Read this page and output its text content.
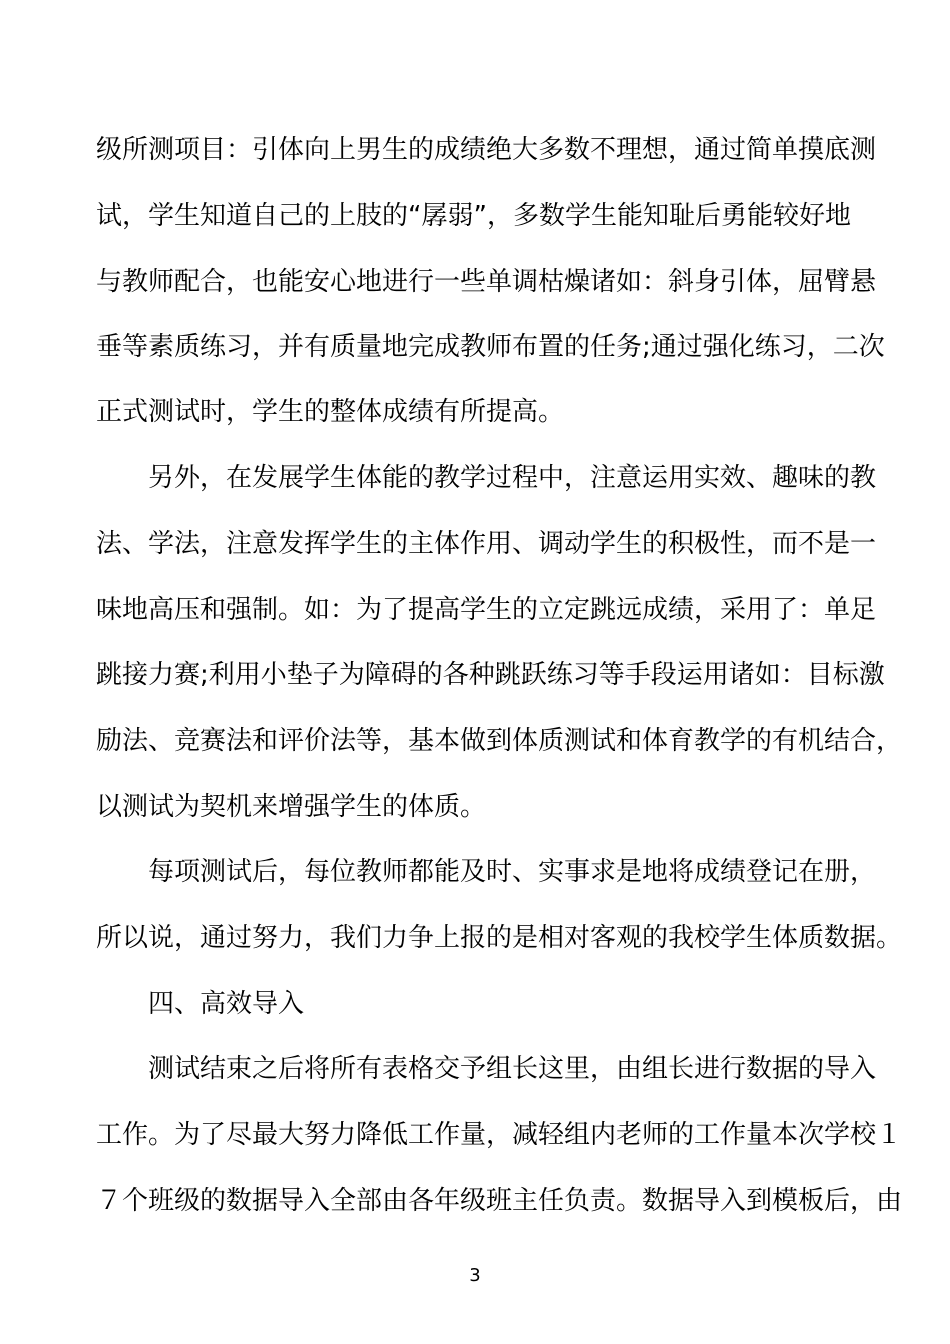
级所测项目：引体向上男生的成绩绝大多数不理想，通过简单摸底测
试，学生知道自己的上肢的“孱弱”，多数学生能知耻后勇能较好地
与教师配合，也能安心地进行一些单调枯燥诸如：斜身引体，屈臂悬
垂等素质练习，并有质量地完成教师布置的任务;通过强化练习，二次
正式测试时，学生的整体成绩有所提高。
另外，在发展学生体能的教学过程中，注意运用实效、趣味的教
法、学法，注意发挥学生的主体作用、调动学生的积极性，而不是一
味地高压和强制。如：为了提高学生的立定跳远成绩，采用了：单足
跳接力赛;利用小垫子为障碍的各种跳跃练习等手段运用诸如：目标激
励法、竞赛法和评价法等，基本做到体质测试和体育教学的有机结合，
以测试为契机来增强学生的体质。
每项测试后，每位教师都能及时、实事求是地将成绩登记在册，
所以说，通过努力，我们力争上报的是相对客观的我校学生体质数据。
四、高效导入
测试结束之后将所有表格交予组长这里，由组长进行数据的导入
工作。为了尽最大努力降低工作量，减轻组内老师的工作量本次学校１
７个班级的数据导入全部由各年级班主任负责。数据导入到模板后，由
3
